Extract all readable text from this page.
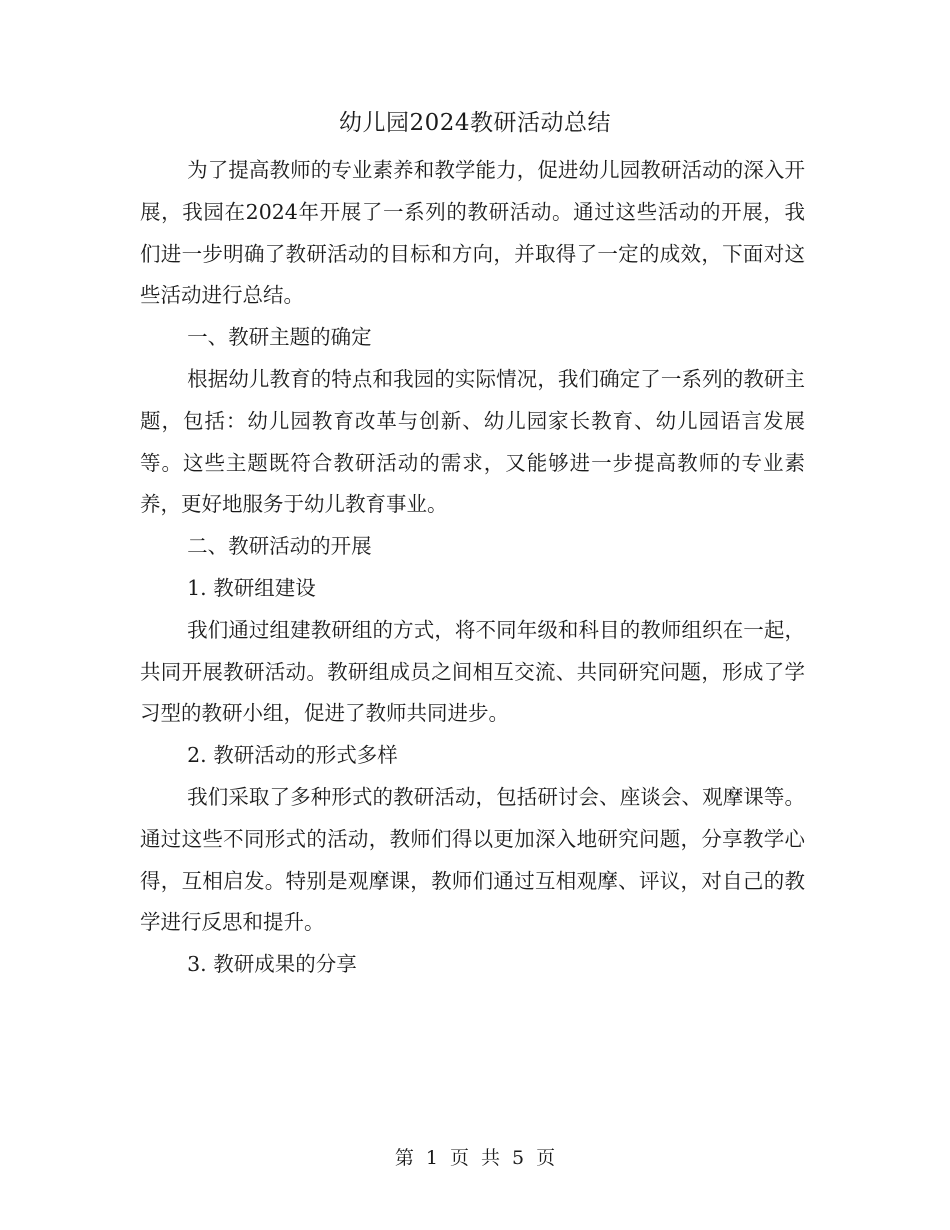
幼儿园2024教研活动总结

为了提高教师的专业素养和教学能力，促进幼儿园教研活动的深入开展，我园在2024年开展了一系列的教研活动。通过这些活动的开展，我们进一步明确了教研活动的目标和方向，并取得了一定的成效，下面对这些活动进行总结。

一、教研主题的确定

根据幼儿教育的特点和我园的实际情况，我们确定了一系列的教研主题，包括：幼儿园教育改革与创新、幼儿园家长教育、幼儿园语言发展等。这些主题既符合教研活动的需求，又能够进一步提高教师的专业素养，更好地服务于幼儿教育事业。

二、教研活动的开展

1. 教研组建设

我们通过组建教研组的方式，将不同年级和科目的教师组织在一起，共同开展教研活动。教研组成员之间相互交流、共同研究问题，形成了学习型的教研小组，促进了教师共同进步。

2. 教研活动的形式多样

我们采取了多种形式的教研活动，包括研讨会、座谈会、观摩课等。通过这些不同形式的活动，教师们得以更加深入地研究问题，分享教学心得，互相启发。特别是观摩课，教师们通过互相观摩、评议，对自己的教学进行反思和提升。

3. 教研成果的分享

第 1 页 共 5 页
